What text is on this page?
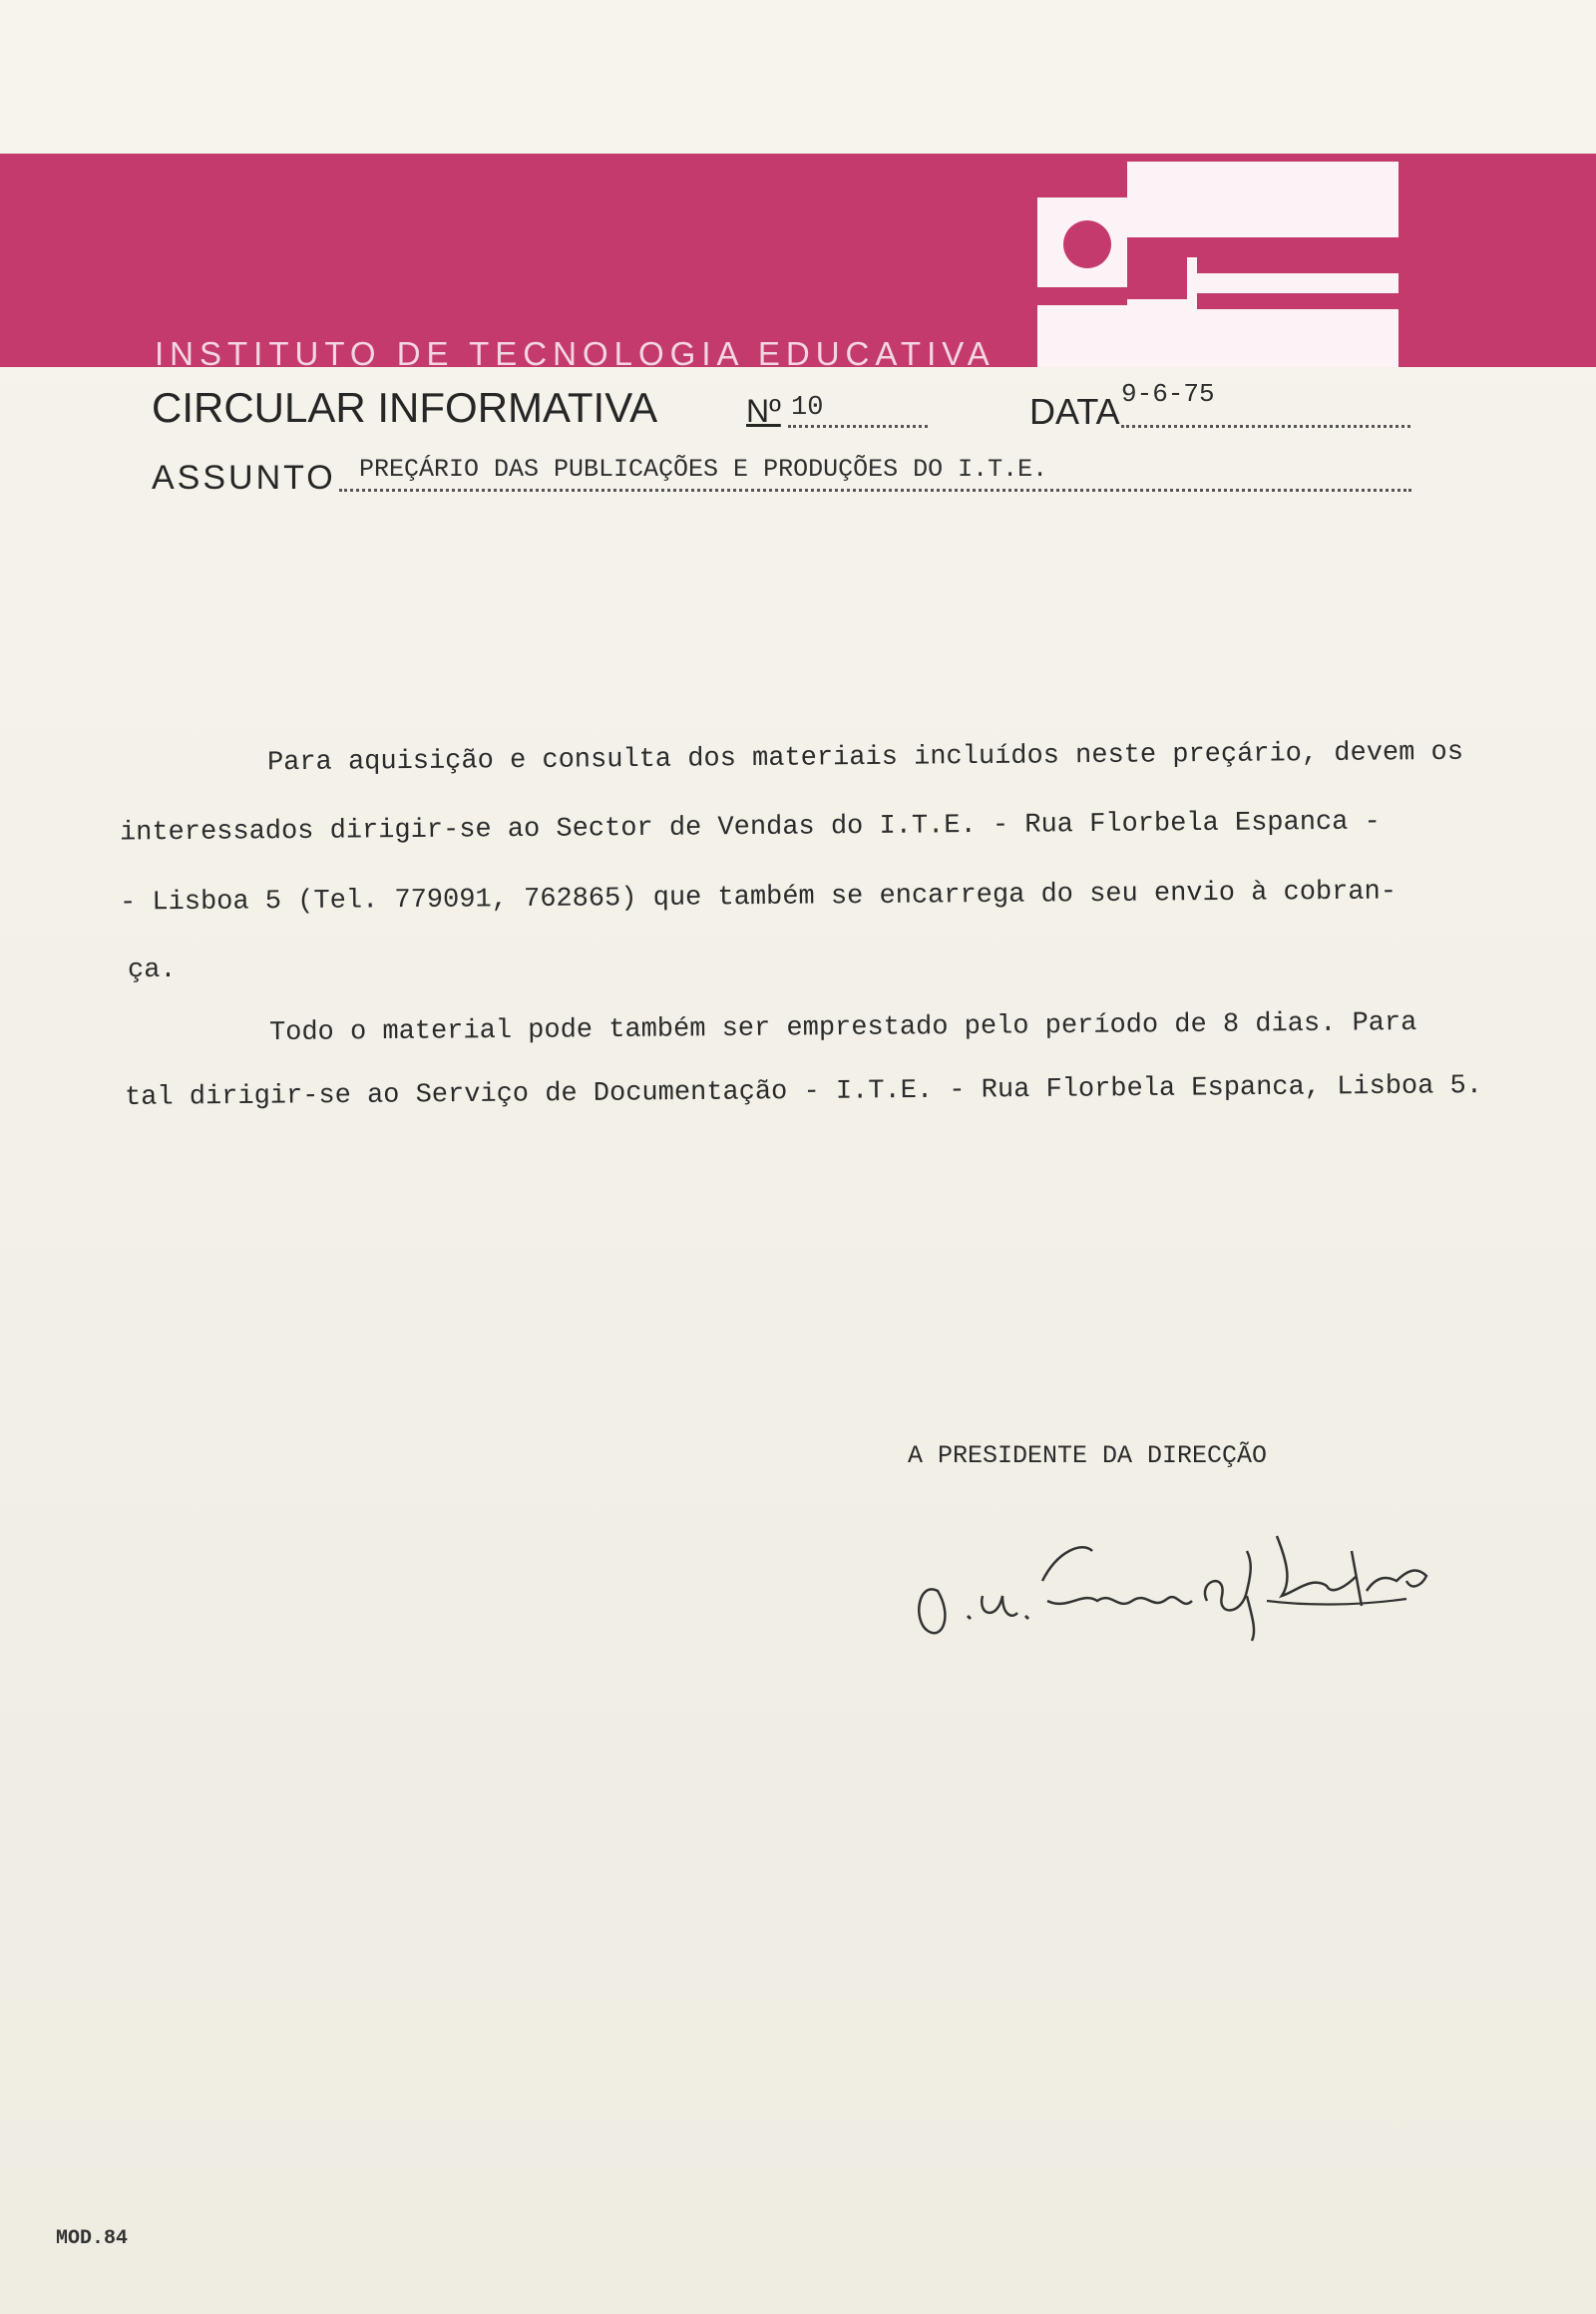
INSTITUTO DE TECNOLOGIA EDUCATIVA
CIRCULAR INFORMATIVA	Nº 10	DATA 9-6-75
ASSUNTO PREÇÁRIO DAS PUBLICAÇÕES E PRODUÇÕES DO I.T.E.
Para aquisição e consulta dos materiais incluídos neste preçário, devem os
interessados dirigir-se ao Sector de Vendas do I.T.E. - Rua Florbela Espanca -
- Lisboa 5 (Tel. 779091, 762865) que também se encarrega do seu envio à cobran-
ça.
Todo o material pode também ser emprestado pelo período de 8 dias. Para
tal dirigir-se ao Serviço de Documentação - I.T.E. - Rua Florbela Espanca, Lisboa 5.
A PRESIDENTE DA DIRECÇÃO
MOD.84
